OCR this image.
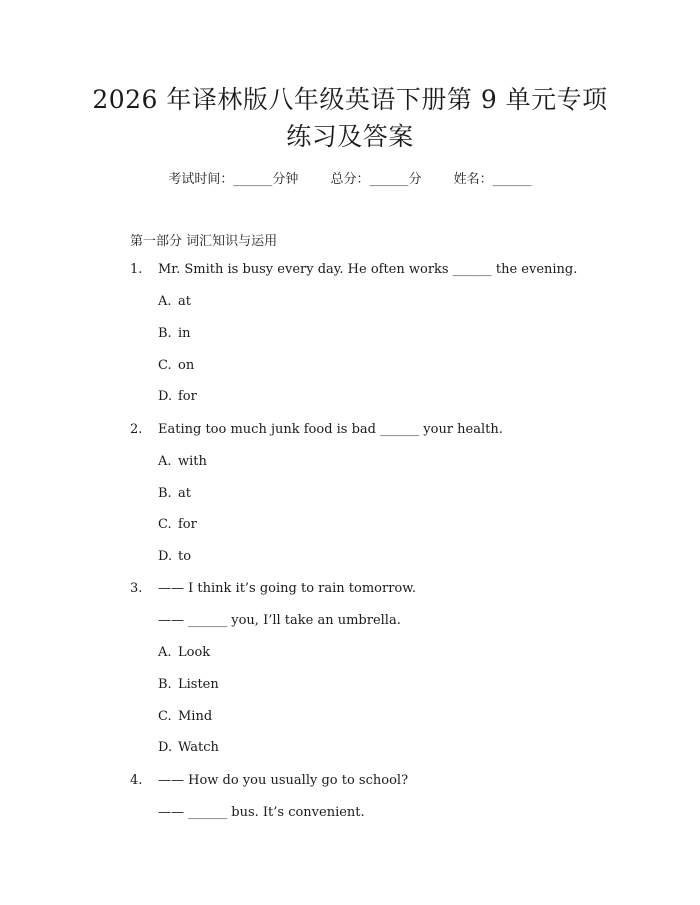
2026 年译林版八年级英语下册第 9 单元专项
练习及答案
考试时间：______分钟 总分：______分 姓名：______
第一部分 词汇知识与运用
1. Mr. Smith is busy every day. He often works ______ the evening.
A. at
B. in
C. on
D. for
2. Eating too much junk food is bad ______ your health.
A. with
B. at
C. for
D. to
3. —— I think it’s going to rain tomorrow.
—— ______ you, I’ll take an umbrella.
A. Look
B. Listen
C. Mind
D. Watch
4. —— How do you usually go to school?
—— ______ bus. It’s convenient.
